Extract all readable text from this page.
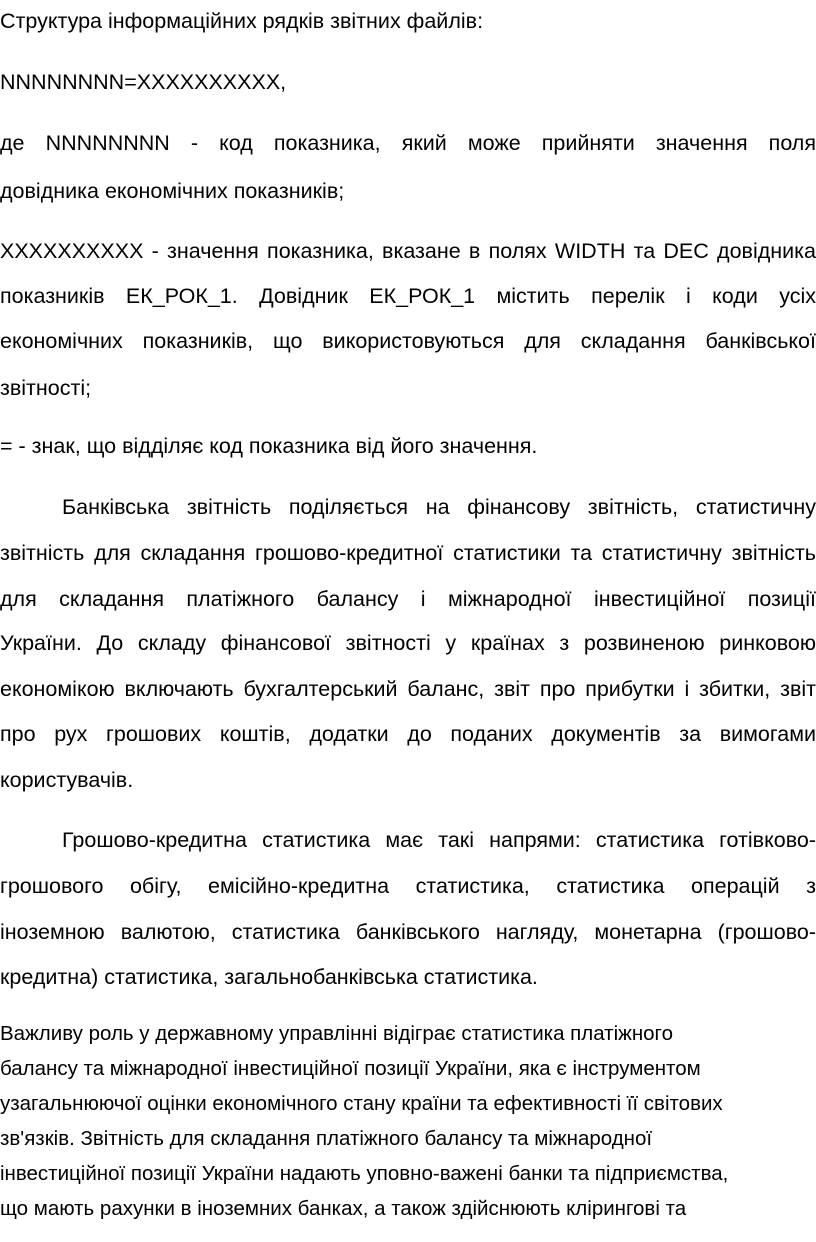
Структура інформаційних рядків звітних файлів:

NNNNNNNN=XXXXXXXXXX,

де NNNNNNNN - код показника, який може прийняти значення поля

довідника економічних показників;

XXXXXXXXXX - значення показника, вказане в полях WIDTH та DEC довідника

показників ЕК_РОК_1. Довідник ЕК_РОК_1 містить перелік і коди усіх

економічних показників, що використовуються для складання банківської

звітності;

= - знак, що відділяє код показника від його значення.

Банківська звітність поділяється на фінансову звітність, статистичну

звітність для складання грошово-кредитної статистики та статистичну звітність

для складання платіжного балансу і міжнародної інвестиційної позиції

України. До складу фінансової звітності у країнах з розвиненою ринковою

економікою включають бухгалтерський баланс, звіт про прибутки і збитки, звіт

про рух грошових коштів, додатки до поданих документів за вимогами

користувачів.

Грошово-кредитна статистика має такі напрями: статистика готівково-

грошового обігу, емісійно-кредитна статистика, статистика операцій з

іноземною валютою, статистика банківського нагляду, монетарна (грошово-

кредитна) статистика, загальнобанківська статистика.

Важливу роль у державному управлінні відіграє статистика платіжного

балансу та міжнародної інвестиційної позиції України, яка є інструментом

узагальнюючої оцінки економічного стану країни та ефективності її світових

зв'язків. Звітність для складання платіжного балансу та міжнародної

інвестиційної позиції України надають уповно-важені банки та підприємства,

що мають рахунки в іноземних банках, а також здійснюють клірингові та
